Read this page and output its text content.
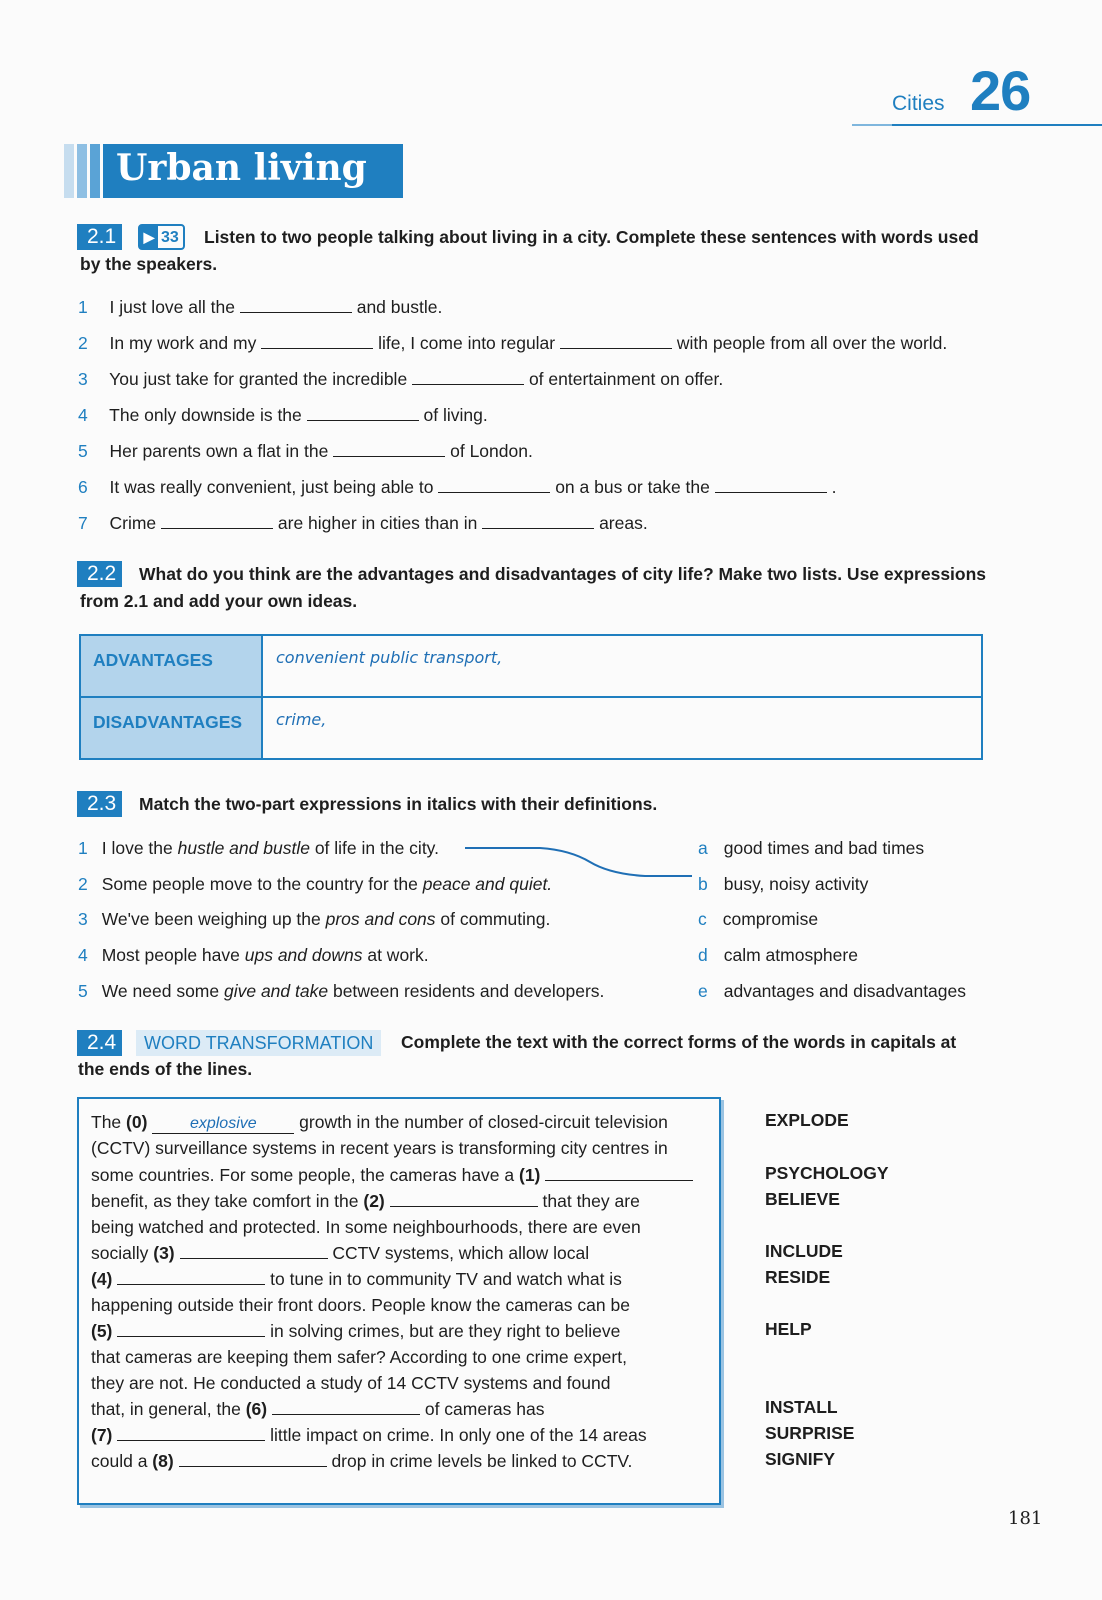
Cities 26
Urban living
2.1	▶ 33	Listen to two people talking about living in a city. Complete these sentences with words used
by the speakers.
1 I just love all the	and bustle.
2 In my work and my	life, I come into regular	with people from all over the world.
3 You just take for granted the incredible	of entertainment on offer.
4 The only downside is the	of living.
5 Her parents own a flat in the	of London.
6 It was really convenient, just being able to	on a bus or take the	.
7 Crime	are higher in cities than in	areas.
2.2	What do you think are the advantages and disadvantages of city life? Make two lists. Use expressions
from 2.1 and add your own ideas.
ADVANTAGES	convenient public transport,
DISADVANTAGES	crime,
2.3	Match the two-part expressions in italics with their definitions.
1 I love the hustle and bustle of life in the city.
2 Some people move to the country for the peace and quiet.
3 We've been weighing up the pros and cons of commuting.
4 Most people have ups and downs at work.
5 We need some give and take between residents and developers.
a good times and bad times
b busy, noisy activity
c compromise
d calm atmosphere
e advantages and disadvantages
2.4	WORD TRANSFORMATION	Complete the text with the correct forms of the words in capitals at
the ends of the lines.
The (0)	explosive growth in the number of closed-circuit television
(CCTV) surveillance systems in recent years is transforming city centres in
some countries. For some people, the cameras have a (1)
benefit, as they take comfort in the (2)	that they are
being watched and protected. In some neighbourhoods, there are even
socially (3)	CCTV systems, which allow local
(4)	to tune in to community TV and watch what is
happening outside their front doors. People know the cameras can be
(5)	in solving crimes, but are they right to believe
that cameras are keeping them safer? According to one crime expert,
they are not. He conducted a study of 14 CCTV systems and found
that, in general, the (6)	of cameras has
(7)	little impact on crime. In only one of the 14 areas
could a (8)	drop in crime levels be linked to CCTV.
EXPLODE
PSYCHOLOGY
BELIEVE
INCLUDE
RESIDE
HELP
INSTALL
SURPRISE
SIGNIFY
181
